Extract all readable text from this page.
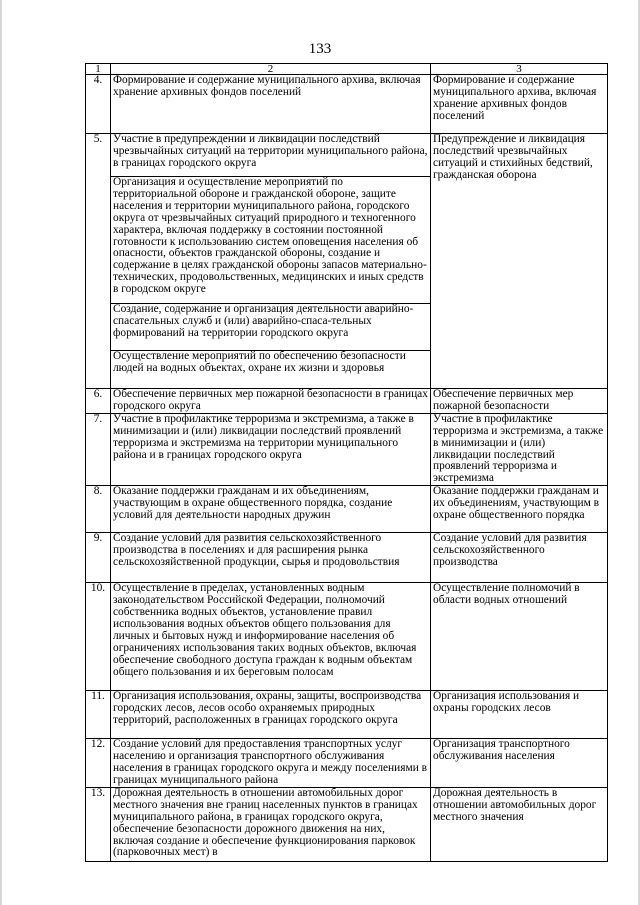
133
1	2	3
4.	Формирование и содержание муниципального архива, включая хранение архивных фондов поселений	Формирование и содержание муниципального архива, включая хранение архивных фондов поселений
5.	Участие в предупреждении и ликвидации последствий чрезвычайных ситуаций на территории муниципального района, в границах городского округа	Предупреждение и ликвидация последствий чрезвычайных ситуаций и стихийных бедствий, гражданская оборона
	Организация и осуществление мероприятий по территориальной обороне и гражданской обороне, защите населения и территории муниципального района, городского округа от чрезвычайных ситуаций природного и техногенного характера, включая поддержку в состоянии постоянной готовности к использованию систем оповещения населения об опасности, объектов гражданской обороны, создание и содержание в целях гражданской обороны запасов материально-технических, продовольственных, медицинских и иных средств в городском округе	
	Создание, содержание и организация деятельности аварийно-спасательных служб и (или) аварийно-спаса-тельных формирований на территории городского округа	
	Осуществление мероприятий по обеспечению безопасности людей на водных объектах, охране их жизни и здоровья	
6.	Обеспечение первичных мер пожарной безопасности в границах городского округа	Обеспечение первичных мер пожарной безопасности
7.	Участие в профилактике терроризма и экстремизма, а также в минимизации и (или) ликвидации последствий проявлений терроризма и экстремизма на территории муниципального района и в границах городского округа	Участие в профилактике терроризма и экстремизма, а также в минимизации и (или) ликвидации последствий проявлений терроризма и экстремизма
8.	Оказание поддержки гражданам и их объединениям, участвующим в охране общественного порядка, создание условий для деятельности народных дружин	Оказание поддержки гражданам и их объединениям, участвующим в охране общественного порядка
9.	Создание условий для развития сельскохозяйственного производства в поселениях и для расширения рынка сельскохозяйственной продукции, сырья и продовольствия	Создание условий для развития сельскохозяйственного производства
10.	Осуществление в пределах, установленных водным законодательством Российской Федерации, полномочий собственника водных объектов, установление правил использования водных объектов общего пользования для личных и бытовых нужд и информирование населения об ограничениях использования таких водных объектов, включая обеспечение свободного доступа граждан к водным объектам общего пользования и их береговым полосам	Осуществление полномочий в области водных отношений
11.	Организация использования, охраны, защиты, воспроизводства городских лесов, лесов особо охраняемых природных территорий, расположенных в границах городского округа	Организация использования и охраны городских лесов
12.	Создание условий для предоставления транспортных услуг населению и организация транспортного обслуживания населения в границах городского округа и между поселениями в границах муниципального района	Организация транспортного обслуживания населения
13.	Дорожная деятельность в отношении автомобильных дорог местного значения вне границ населенных пунктов в границах муниципального района, в границах городского округа, обеспечение безопасности дорожного движения на них, включая создание и обеспечение функционирования парковок (парковочных мест) в	Дорожная деятельность в отношении автомобильных дорог местного значения
